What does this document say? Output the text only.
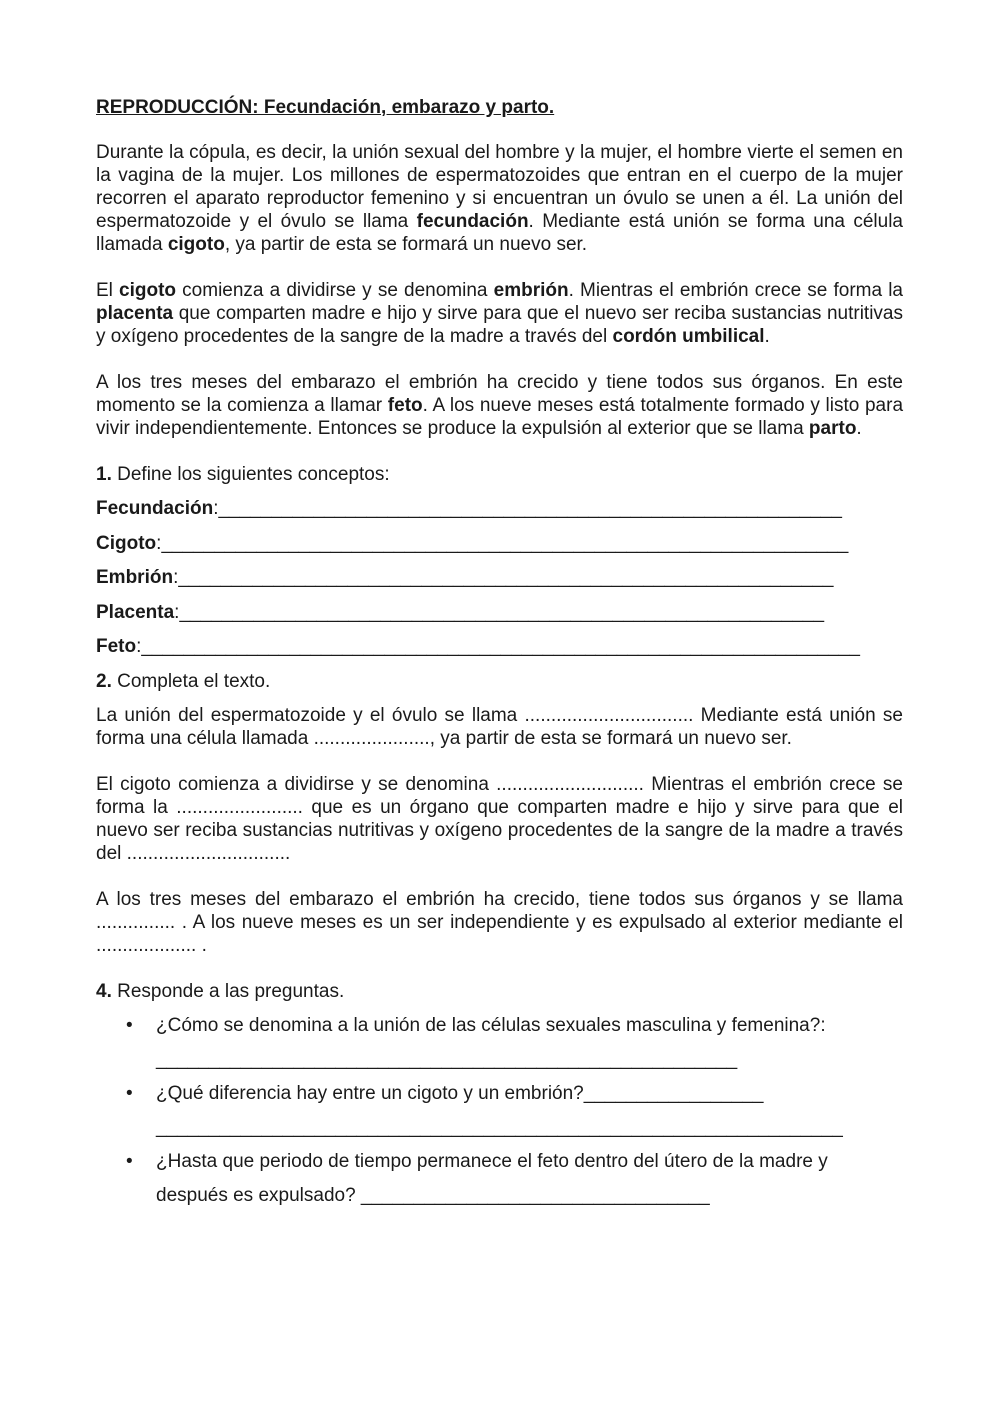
REPRODUCCIÓN: Fecundación, embarazo y parto.

Durante la cópula, es decir, la unión sexual del hombre y la mujer, el hombre vierte el semen en la vagina de la mujer. Los millones de espermatozoides que entran en el cuerpo de la mujer recorren el aparato reproductor femenino y si encuentran un óvulo se unen a él. La unión del espermatozoide y el óvulo se llama fecundación. Mediante está unión se forma una célula llamada cigoto, ya partir de esta se formará un nuevo ser.

El cigoto comienza a dividirse y se denomina embrión. Mientras el embrión crece se forma la placenta que comparten madre e hijo y sirve para que el nuevo ser reciba sustancias nutritivas y oxígeno procedentes de la sangre de la madre a través del cordón umbilical.

A los tres meses del embarazo el embrión ha crecido y tiene todos sus órganos. En este momento se la comienza a llamar feto. A los nueve meses está totalmente formado y listo para vivir independientemente. Entonces se produce la expulsión al exterior que se llama parto.

1. Define los siguientes conceptos:

Fecundación:___________________________________________________________
Cigoto:_________________________________________________________________
Embrión:______________________________________________________________
Placenta:_____________________________________________________________
Feto:____________________________________________________________________

2. Completa el texto.

La unión del espermatozoide y el óvulo se llama ................................ Mediante está unión se forma una célula llamada ......................, ya partir de esta se formará un nuevo ser.

El cigoto comienza a dividirse y se denomina ............................ Mientras el embrión crece se forma la ........................ que es un órgano que comparten madre e hijo y sirve para que el nuevo ser reciba sustancias nutritivas y oxígeno procedentes de la sangre de la madre a través del ...............................

A los tres meses del embarazo el embrión ha crecido, tiene todos sus órganos y se llama ............... . A los nueve meses es un ser independiente y es expulsado al exterior mediante el ................... .

4. Responde a las preguntas.

• ¿Cómo se denomina a la unión de las células sexuales masculina y femenina?:
_______________________________________________________
• ¿Qué diferencia hay entre un cigoto y un embrión?_________________
_________________________________________________________________
• ¿Hasta que periodo de tiempo permanece el feto dentro del útero de la madre y
después es expulsado? _________________________________
